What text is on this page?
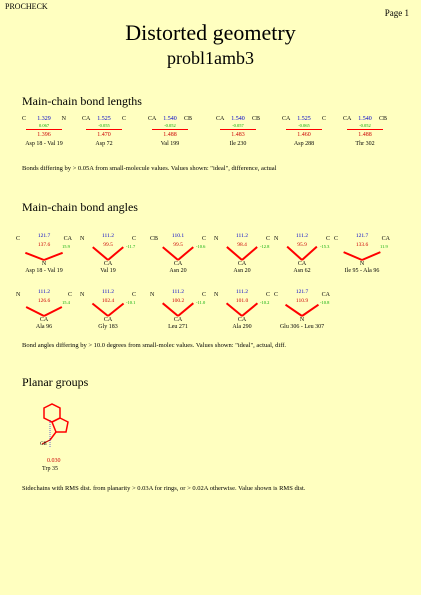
PROCHECK
Page 1
Distorted geometry
probl1amb3
Main-chain bond lengths
C	N
1.329
0.067
1.396
Asp 18 - Val 19
CA	C
1.525
-0.055
1.470
Asp 72
CA	CB
1.540
-0.052
1.488
Val 199
CA	CB
1.540
-0.057
1.483
Ile 230
CA	C
1.525
-0.065
1.460
Asp 288
CA	CB
1.540
-0.052
1.488
Thr 302
Bonds differing by > 0.05A from small-molecule values. Values shown: "ideal", difference, actual
Main-chain bond angles
C	CA
121.7
137.6	15.9
N
Asp 18 - Val 19
N	C
111.2
99.5	-11.7
CA
Val 19
CB	C
110.1
99.5	-10.6
CA
Asn 20
N	C
111.2
98.4	-12.8
CA
Asn 20
N	C
111.2
95.9	-15.3
CA
Asn 62
C	CA
121.7
133.6	11.9
N
Ile 95 - Ala 96
N	C
111.2
126.6	15.4
CA
Ala 96
N	C
111.2
102.4	-10.1
CA
Gly 183
N	C
111.2
100.2	-11.0
CA
Leu 271
N	C
111.2
101.0	-10.2
CA
Ala 290
C	CA
121.7
110.9	-10.8
N
Glu 306 - Leu 307
Bond angles differing by > 10.0 degrees from small-molec values. Values shown: "ideal", actual, diff.
Planar groups
CB
0.030
Trp 35
Sidechains with RMS dist. from planarity > 0.03A for rings, or > 0.02A otherwise. Value shown is RMS dist.
